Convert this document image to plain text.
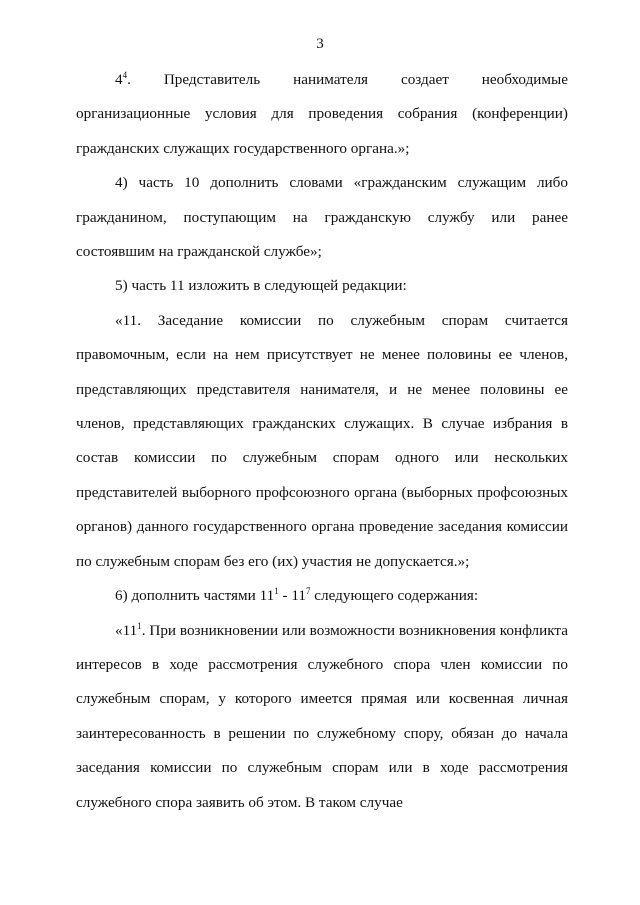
3

$4^4$. Представитель нанимателя создает необходимые организационные условия для проведения собрания (конференции) гражданских служащих государственного органа.»;

4) часть 10 дополнить словами «гражданским служащим либо гражданином, поступающим на гражданскую службу или ранее состоявшим на гражданской службе»;

5) часть 11 изложить в следующей редакции:

«11. Заседание комиссии по служебным спорам считается правомочным, если на нем присутствует не менее половины ее членов, представляющих представителя нанимателя, и не менее половины ее членов, представляющих гражданских служащих. В случае избрания в состав комиссии по служебным спорам одного или нескольких представителей выборного профсоюзного органа (выборных профсоюзных органов) данного государственного органа проведение заседания комиссии по служебным спорам без его (их) участия не допускается.»;

6) дополнить частями $11^1 - 11^7$ следующего содержания:

«$11^1$. При возникновении или возможности возникновения конфликта интересов в ходе рассмотрения служебного спора член комиссии по служебным спорам, у которого имеется прямая или косвенная личная заинтересованность в решении по служебному спору, обязан до начала заседания комиссии по служебным спорам или в ходе рассмотрения служебного спора заявить об этом. В таком случае
